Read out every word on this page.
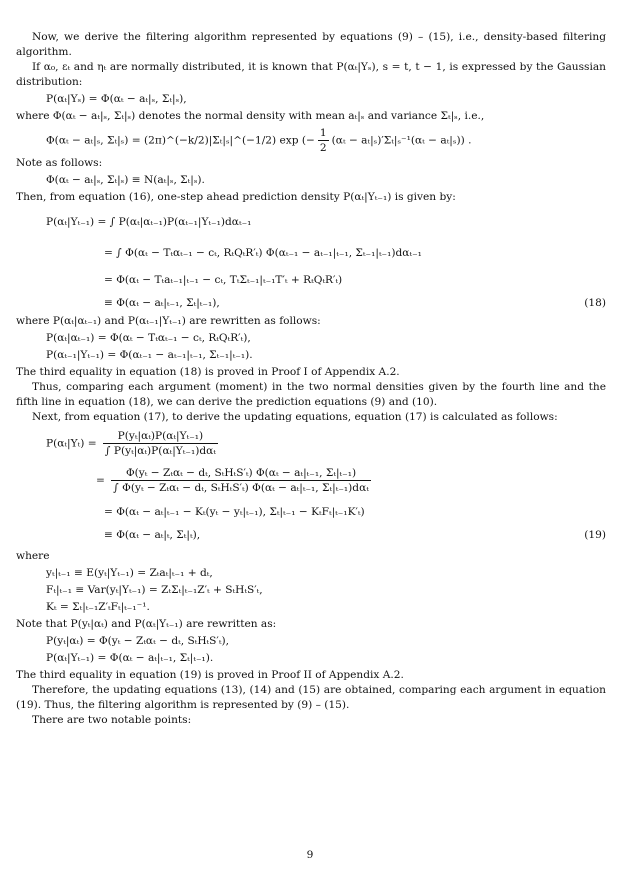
Now, we derive the filtering algorithm represented by equations (9) – (15), i.e., density-based filtering algorithm.

If α₀, εₜ and ηₜ are normally distributed, it is known that P(αₜ|Yₛ), s = t, t − 1, is expressed by the Gaussian distribution:

P(αₜ|Yₛ) = Φ(αₜ − aₜ|ₛ, Σₜ|ₛ),

where Φ(αₜ − aₜ|ₛ, Σₜ|ₛ) denotes the normal density with mean aₜ|ₛ and variance Σₜ|ₛ, i.e.,

Φ(αₜ − aₜ|ₛ, Σₜ|ₛ) = (2π)^(−k/2)|Σₜ|ₛ|^(−1/2) exp (− $\frac{1}{2} (\alpha_t - a_t|_s)'\Sigma_t|_s^{-1}(\alpha_t - a_t|_s)$) .

Note as follows:

Φ(αₜ − aₜ|ₛ, Σₜ|ₛ) ≡ N(aₜ|ₛ, Σₜ|ₛ).

Then, from equation (16), one-step ahead prediction density P(αₜ|Yₜ₋₁) is given by:

P(αₜ|Yₜ₋₁) = ∫ P(αₜ|αₜ₋₁)P(αₜ₋₁|Yₜ₋₁)dαₜ₋₁
= ∫ Φ(αₜ − Tₜαₜ₋₁ − cₜ, RₜQₜR′ₜ) Φ(αₜ₋₁ − aₜ₋₁|ₜ₋₁, Σₜ₋₁|ₜ₋₁)dαₜ₋₁
= Φ(αₜ − Tₜaₜ₋₁|ₜ₋₁ − cₜ, TₜΣₜ₋₁|ₜ₋₁T′ₜ + RₜQₜR′ₜ)
≡ Φ(αₜ − aₜ|ₜ₋₁, Σₜ|ₜ₋₁),	(18)

where P(αₜ|αₜ₋₁) and P(αₜ₋₁|Yₜ₋₁) are rewritten as follows:

P(αₜ|αₜ₋₁) = Φ(αₜ − Tₜαₜ₋₁ − cₜ, RₜQₜR′ₜ),
P(αₜ₋₁|Yₜ₋₁) = Φ(αₜ₋₁ − aₜ₋₁|ₜ₋₁, Σₜ₋₁|ₜ₋₁).

The third equality in equation (18) is proved in Proof I of Appendix A.2.

Thus, comparing each argument (moment) in the two normal densities given by the fourth line and the fifth line in equation (18), we can derive the prediction equations (9) and (10).

Next, from equation (17), to derive the updating equations, equation (17) is calculated as follows:

$P(\alpha_t|Y_t) = \frac{\text{P(yₜ|αₜ)P(αₜ|Yₜ₋₁)}}{\text{∫ P(yₜ|αₜ)P(αₜ|Yₜ₋₁)dαₜ}}$
= $\frac{\text{Φ(yₜ − Zₜαₜ − dₜ, SₜHₜS′ₜ) Φ(αₜ − aₜ|ₜ₋₁, Σₜ|ₜ₋₁)}}{\text{∫ Φ(yₜ − Zₜαₜ − dₜ, SₜHₜS′ₜ) Φ(αₜ − aₜ|ₜ₋₁, Σₜ|ₜ₋₁)dαₜ}}$
= Φ(αₜ − aₜ|ₜ₋₁ − Kₜ(yₜ − yₜ|ₜ₋₁), Σₜ|ₜ₋₁ − KₜFₜ|ₜ₋₁K′ₜ)
≡ Φ(αₜ − aₜ|ₜ, Σₜ|ₜ),	(19)

where

yₜ|ₜ₋₁ ≡ E(yₜ|Yₜ₋₁) = Zₜaₜ|ₜ₋₁ + dₜ,
Fₜ|ₜ₋₁ ≡ Var(yₜ|Yₜ₋₁) = ZₜΣₜ|ₜ₋₁Z′ₜ + SₜHₜS′ₜ,
Kₜ = Σₜ|ₜ₋₁Z′ₜFₜ|ₜ₋₁⁻¹.

Note that P(yₜ|αₜ) and P(αₜ|Yₜ₋₁) are rewritten as:

P(yₜ|αₜ) = Φ(yₜ − Zₜαₜ − dₜ, SₜHₜS′ₜ),
P(αₜ|Yₜ₋₁) = Φ(αₜ − aₜ|ₜ₋₁, Σₜ|ₜ₋₁).

The third equality in equation (19) is proved in Proof II of Appendix A.2.

Therefore, the updating equations (13), (14) and (15) are obtained, comparing each argument in equation (19). Thus, the filtering algorithm is represented by (9) – (15).

There are two notable points:

9
